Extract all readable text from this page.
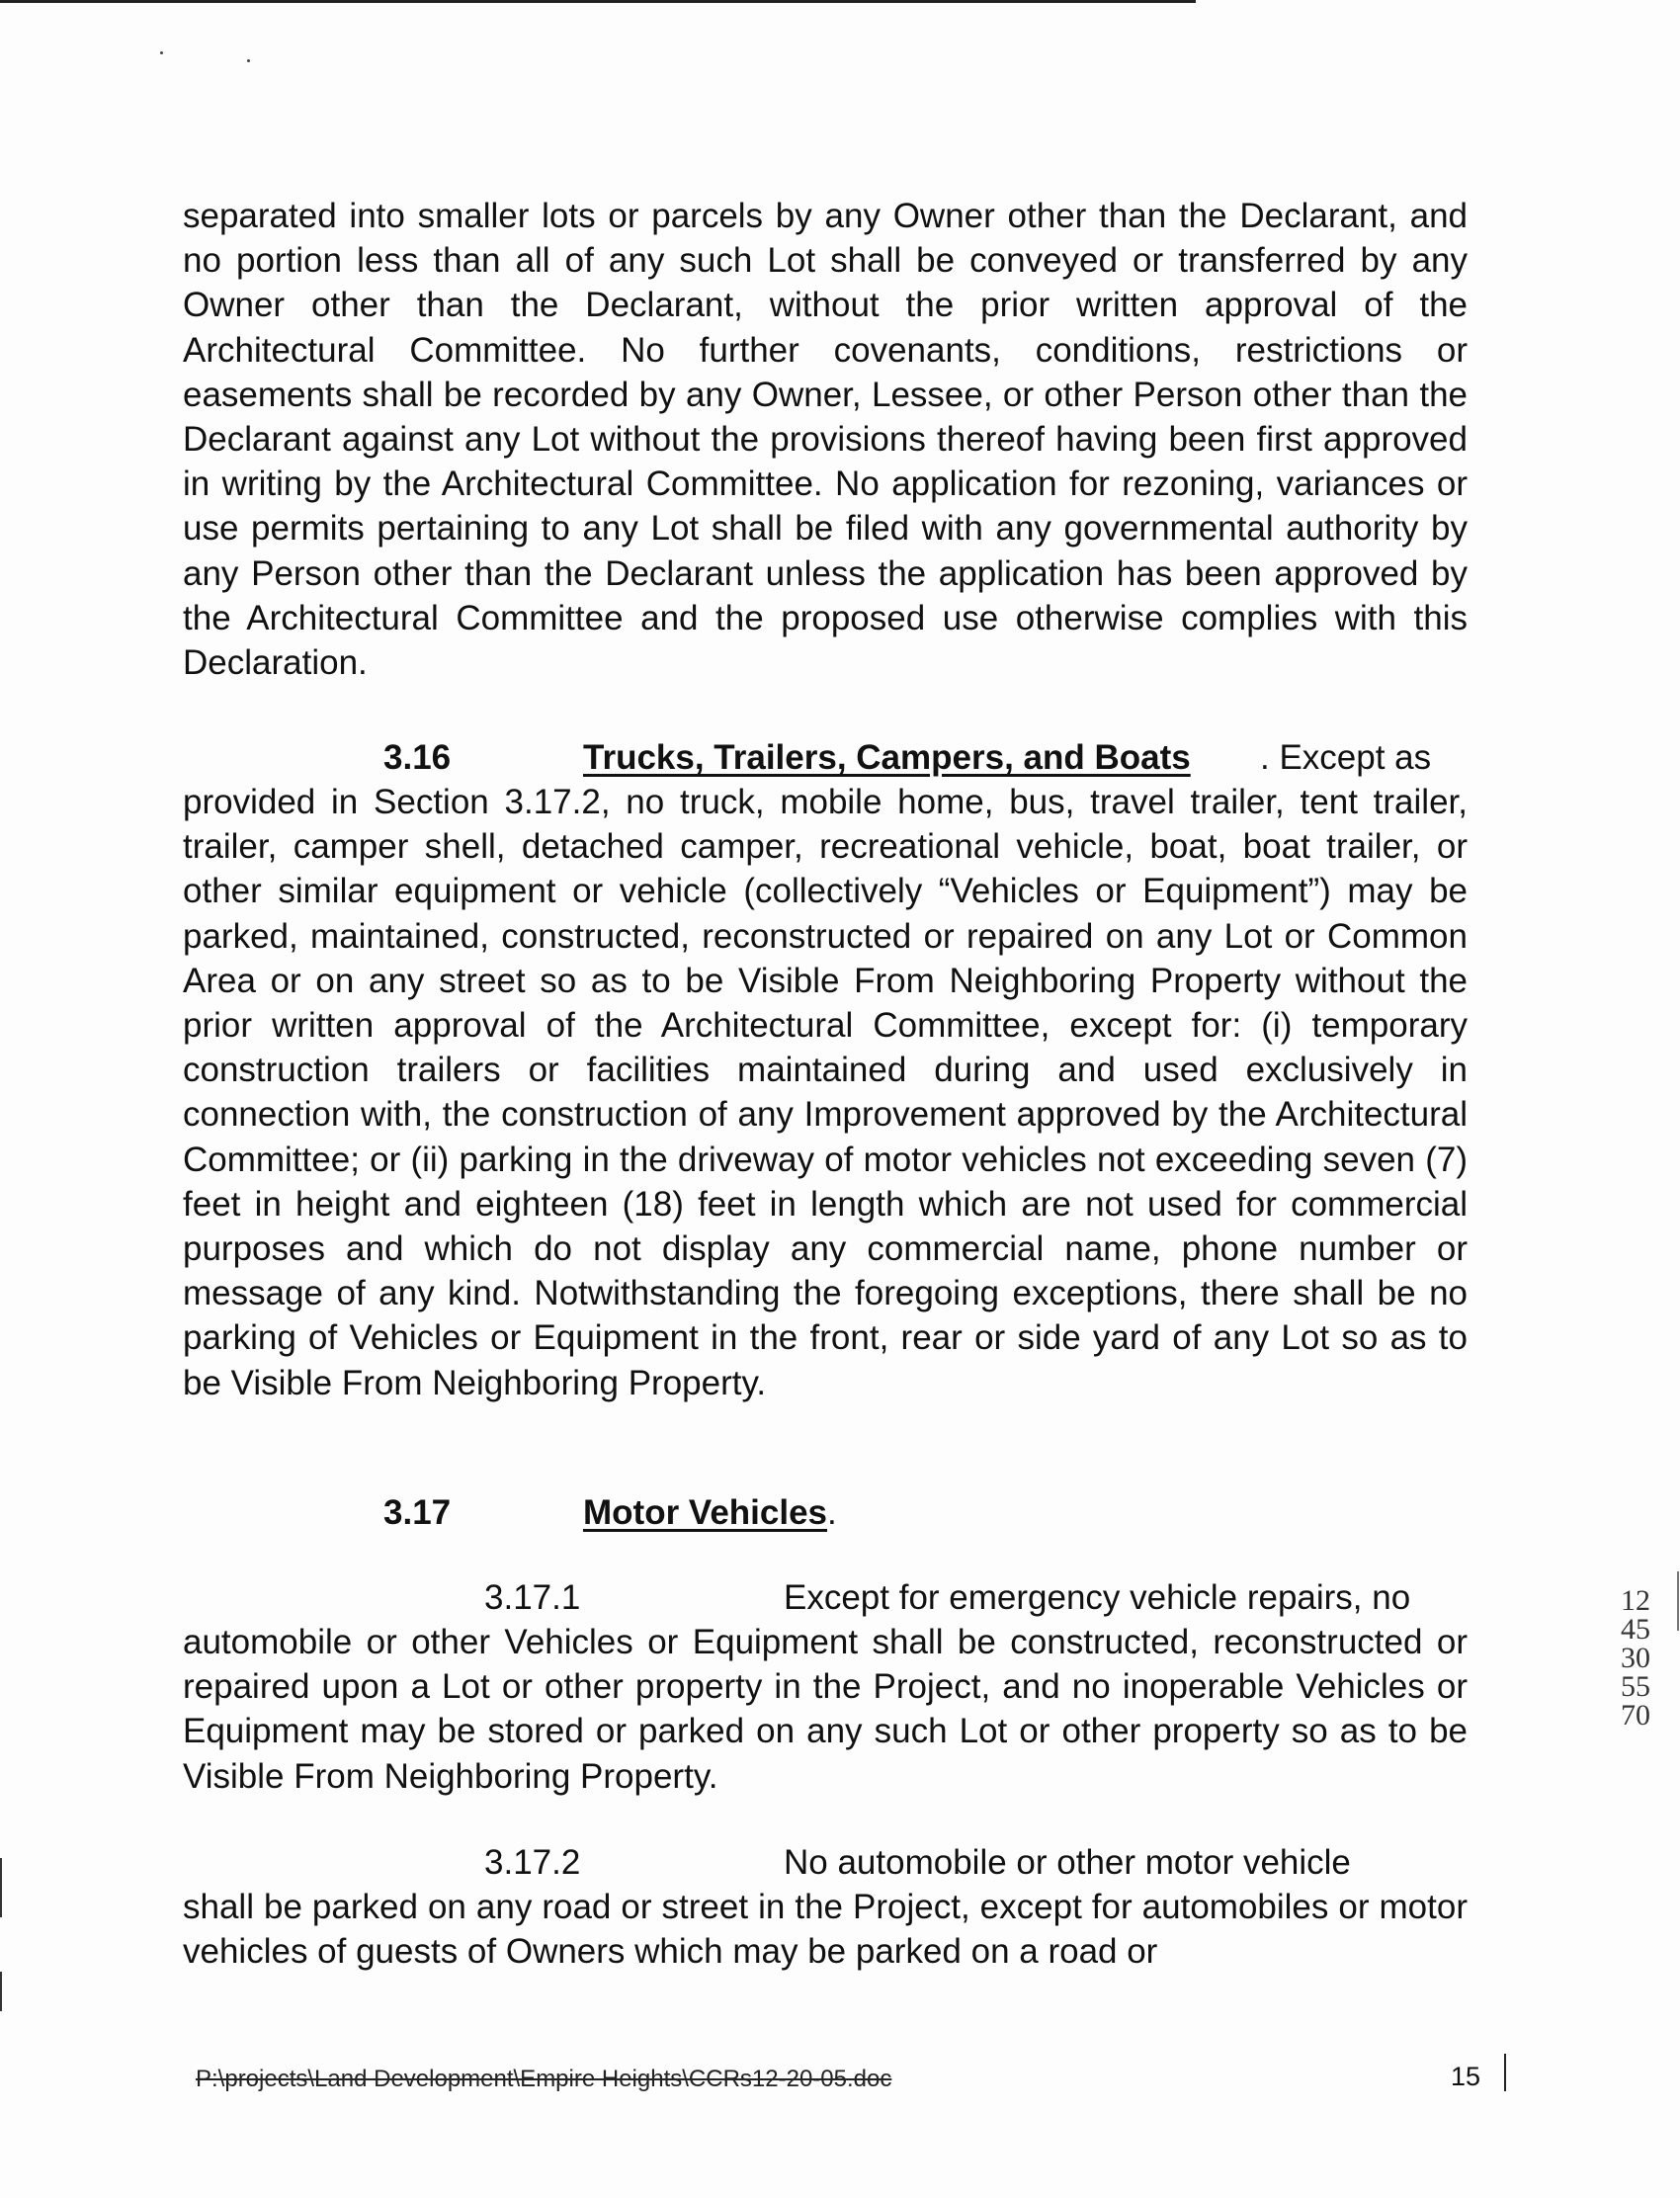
separated into smaller lots or parcels by any Owner other than the Declarant, and no portion less than all of any such Lot shall be conveyed or transferred by any Owner other than the Declarant, without the prior written approval of the Architectural Committee. No further covenants, conditions, restrictions or easements shall be recorded by any Owner, Lessee, or other Person other than the Declarant against any Lot without the provisions thereof having been first approved in writing by the Architectural Committee. No application for rezoning, variances or use permits pertaining to any Lot shall be filed with any governmental authority by any Person other than the Declarant unless the application has been approved by the Architectural Committee and the proposed use otherwise complies with this Declaration.
3.16	Trucks, Trailers, Campers, and Boats . Except as
provided in Section 3.17.2, no truck, mobile home, bus, travel trailer, tent trailer, trailer, camper shell, detached camper, recreational vehicle, boat, boat trailer, or other similar equipment or vehicle (collectively “Vehicles or Equipment”) may be parked, maintained, constructed, reconstructed or repaired on any Lot or Common Area or on any street so as to be Visible From Neighboring Property without the prior written approval of the Architectural Committee, except for: (i) temporary construction trailers or facilities maintained during and used exclusively in connection with, the construction of any Improvement approved by the Architectural Committee; or (ii) parking in the driveway of motor vehicles not exceeding seven (7) feet in height and eighteen (18) feet in length which are not used for commercial purposes and which do not display any commercial name, phone number or message of any kind. Notwithstanding the foregoing exceptions, there shall be no parking of Vehicles or Equipment in the front, rear or side yard of any Lot so as to be Visible From Neighboring Property.
3.17	Motor Vehicles.
3.17.1	Except for emergency vehicle repairs, no
automobile or other Vehicles or Equipment shall be constructed, reconstructed or repaired upon a Lot or other property in the Project, and no inoperable Vehicles or Equipment may be stored or parked on any such Lot or other property so as to be Visible From Neighboring Property.
3.17.2	No automobile or other motor vehicle
shall be parked on any road or street in the Project, except for automobiles or motor vehicles of guests of Owners which may be parked on a road or
P:\projects\Land Development\Empire Heights\CCRs12-20-05.doc	15
1245305570
